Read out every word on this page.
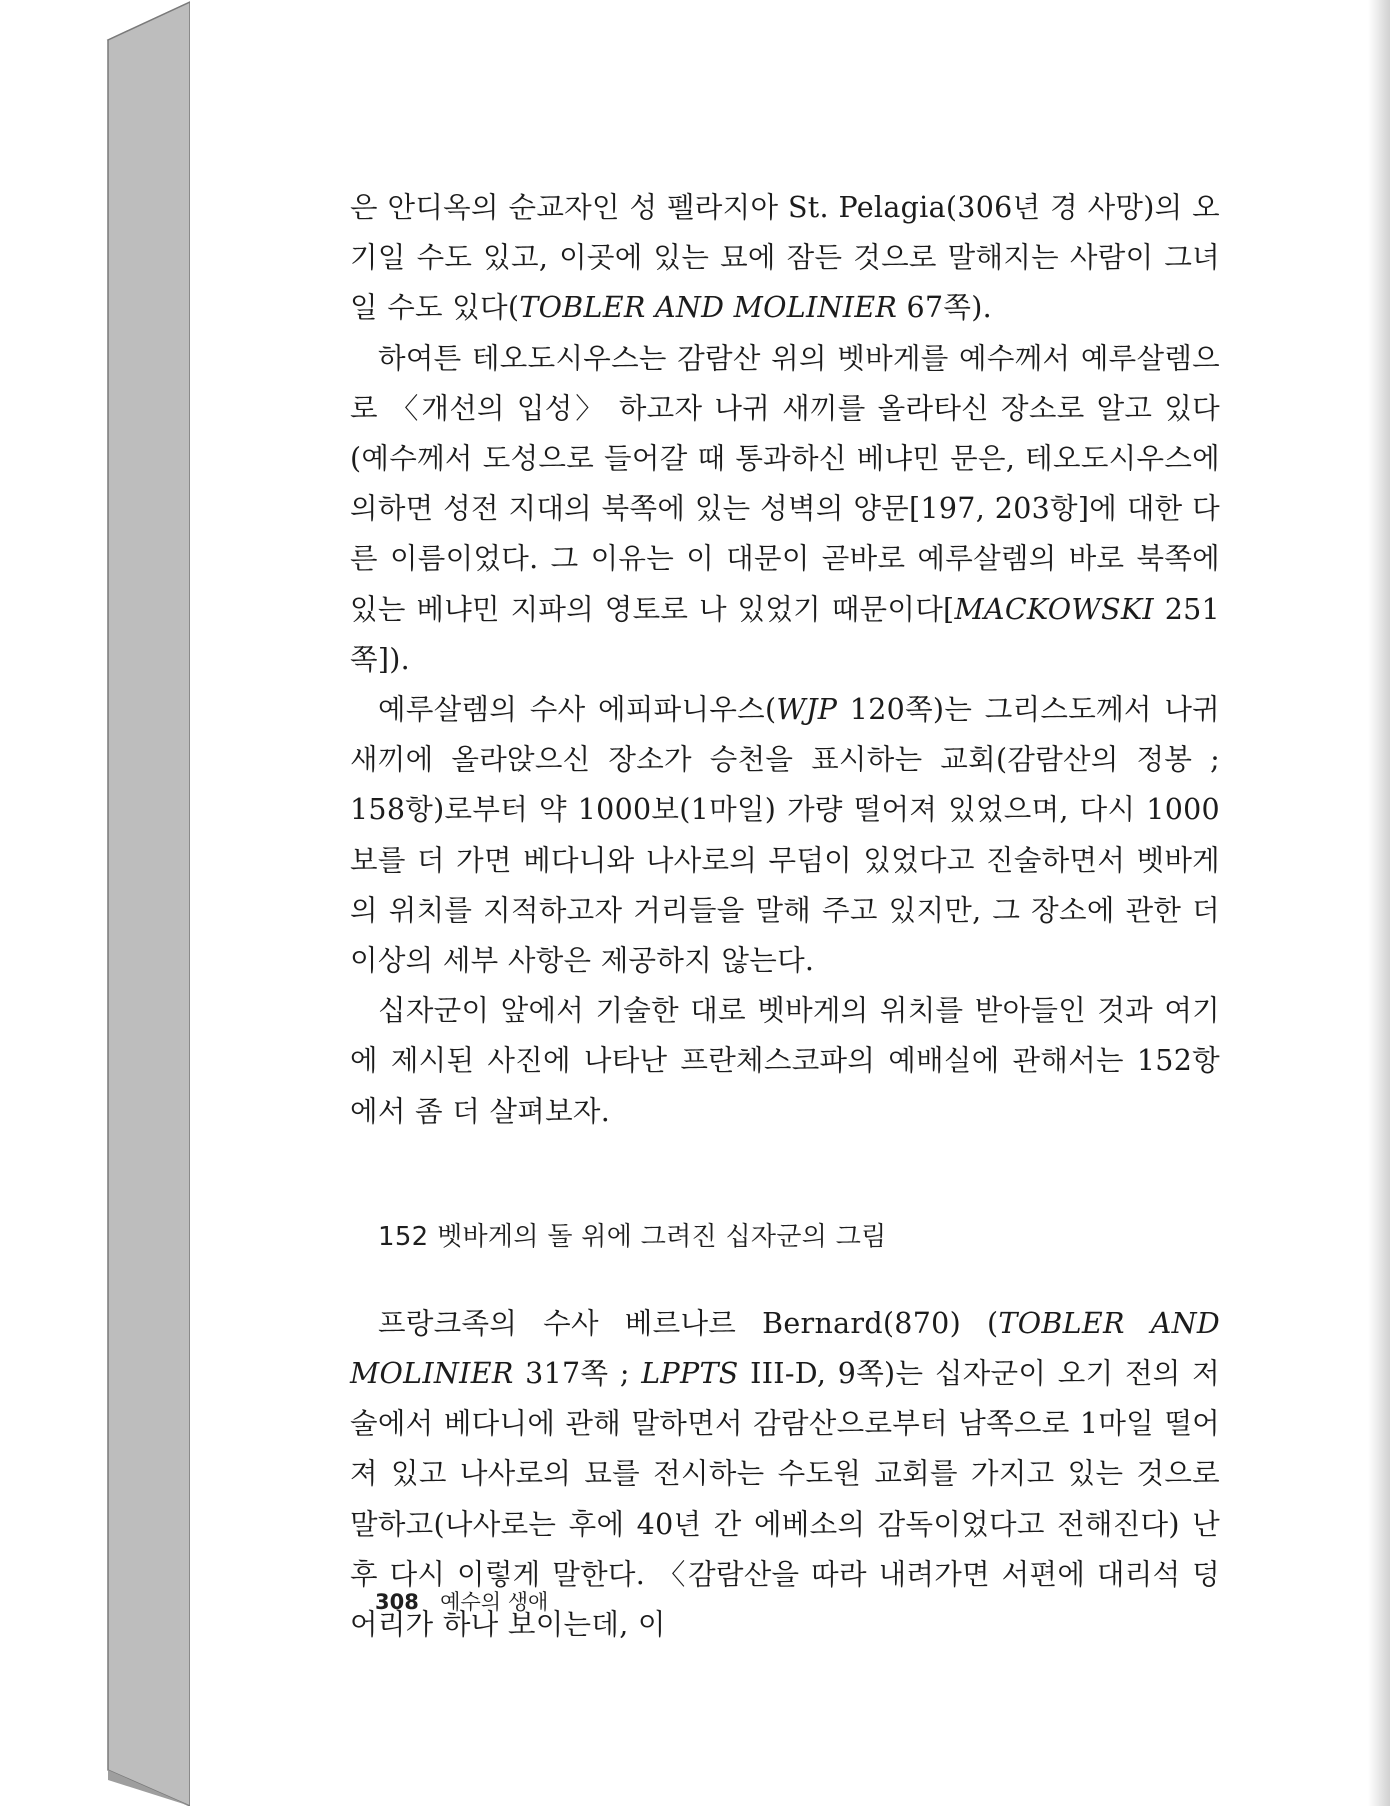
은 안디옥의 순교자인 성 펠라지아 St. Pelagia(306년 경 사망)의 오기일 수도 있고, 이곳에 있는 묘에 잠든 것으로 말해지는 사람이 그녀일 수도 있다(TOBLER AND MOLINIER 67쪽).

하여튼 테오도시우스는 감람산 위의 벳바게를 예수께서 예루살렘으로 〈개선의 입성〉 하고자 나귀 새끼를 올라타신 장소로 알고 있다(예수께서 도성으로 들어갈 때 통과하신 베냐민 문은, 테오도시우스에 의하면 성전 지대의 북쪽에 있는 성벽의 양문[197, 203항]에 대한 다른 이름이었다. 그 이유는 이 대문이 곧바로 예루살렘의 바로 북쪽에 있는 베냐민 지파의 영토로 나 있었기 때문이다[MACKOWSKI 251쪽]).

예루살렘의 수사 에피파니우스(WJP 120쪽)는 그리스도께서 나귀 새끼에 올라앉으신 장소가 승천을 표시하는 교회(감람산의 정봉 ; 158항)로부터 약 1000보(1마일) 가량 떨어져 있었으며, 다시 1000보를 더 가면 베다니와 나사로의 무덤이 있었다고 진술하면서 벳바게의 위치를 지적하고자 거리들을 말해 주고 있지만, 그 장소에 관한 더 이상의 세부 사항은 제공하지 않는다.

십자군이 앞에서 기술한 대로 벳바게의 위치를 받아들인 것과 여기에 제시된 사진에 나타난 프란체스코파의 예배실에 관해서는 152항에서 좀 더 살펴보자.

152 벳바게의 돌 위에 그려진 십자군의 그림

프랑크족의 수사 베르나르 Bernard(870) (TOBLER AND MOLINIER 317쪽 ; LPPTS III-D, 9쪽)는 십자군이 오기 전의 저술에서 베다니에 관해 말하면서 감람산으로부터 남쪽으로 1마일 떨어져 있고 나사로의 묘를 전시하는 수도원 교회를 가지고 있는 것으로 말하고(나사로는 후에 40년 간 에베소의 감독이었다고 전해진다) 난 후 다시 이렇게 말한다. 〈감람산을 따라 내려가면 서편에 대리석 덩어리가 하나 보이는데, 이

308 예수의 생애
